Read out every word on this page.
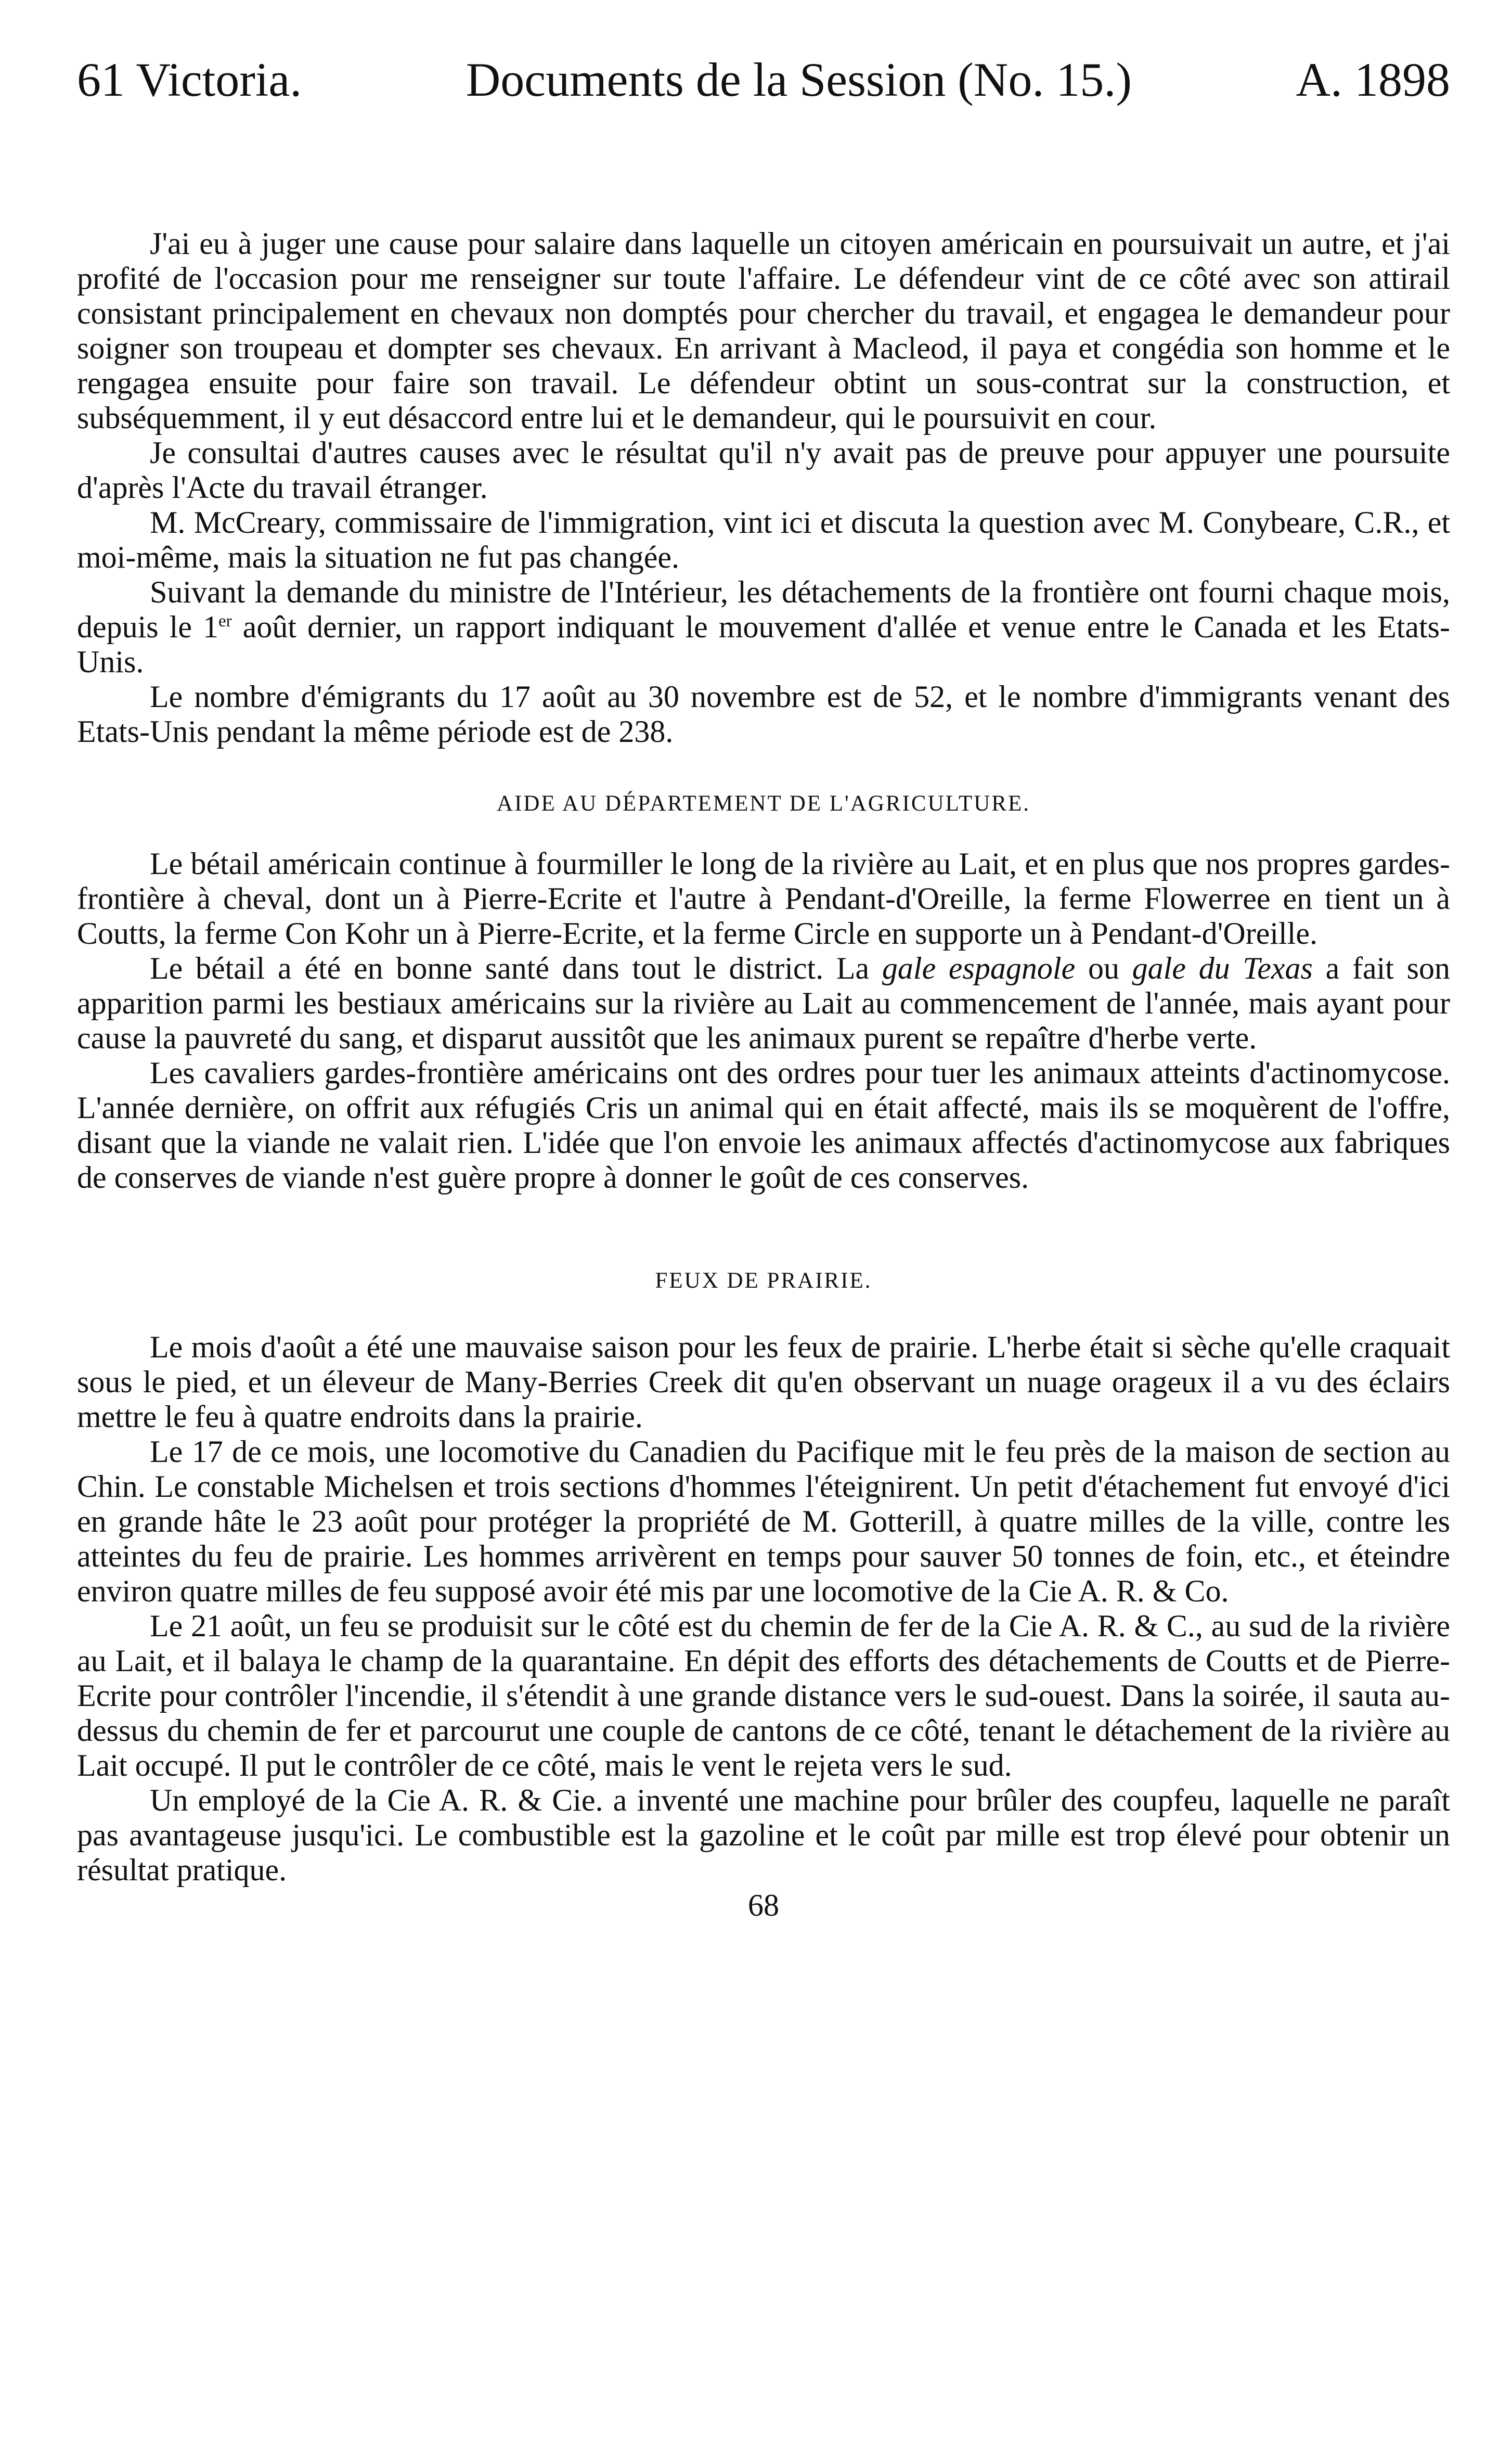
61 Victoria.	Documents de la Session (No. 15.)	A. 1898

J'ai eu à juger une cause pour salaire dans laquelle un citoyen américain en poursuivait un autre, et j'ai profité de l'occasion pour me renseigner sur toute l'affaire. Le défendeur vint de ce côté avec son attirail consistant principalement en chevaux non domptés pour chercher du travail, et engagea le demandeur pour soigner son troupeau et dompter ses chevaux. En arrivant à Macleod, il paya et congédia son homme et le rengagea ensuite pour faire son travail. Le défendeur obtint un sous-contrat sur la construction, et subséquemment, il y eut désaccord entre lui et le demandeur, qui le poursuivit en cour.

Je consultai d'autres causes avec le résultat qu'il n'y avait pas de preuve pour appuyer une poursuite d'après l'Acte du travail étranger.

M. McCreary, commissaire de l'immigration, vint ici et discuta la question avec M. Conybeare, C.R., et moi-même, mais la situation ne fut pas changée.

Suivant la demande du ministre de l'Intérieur, les détachements de la frontière ont fourni chaque mois, depuis le 1er août dernier, un rapport indiquant le mouvement d'allée et venue entre le Canada et les Etats-Unis.

Le nombre d'émigrants du 17 août au 30 novembre est de 52, et le nombre d'immigrants venant des Etats-Unis pendant la même période est de 238.

AIDE AU DÉPARTEMENT DE L'AGRICULTURE.

Le bétail américain continue à fourmiller le long de la rivière au Lait, et en plus que nos propres gardes-frontière à cheval, dont un à Pierre-Ecrite et l'autre à Pendant-d'Oreille, la ferme Flowerree en tient un à Coutts, la ferme Con Kohr un à Pierre-Ecrite, et la ferme Circle en supporte un à Pendant-d'Oreille.

Le bétail a été en bonne santé dans tout le district. La gale espagnole ou gale du Texas a fait son apparition parmi les bestiaux américains sur la rivière au Lait au commencement de l'année, mais ayant pour cause la pauvreté du sang, et disparut aussitôt que les animaux purent se repaître d'herbe verte.

Les cavaliers gardes-frontière américains ont des ordres pour tuer les animaux atteints d'actinomycose. L'année dernière, on offrit aux réfugiés Cris un animal qui en était affecté, mais ils se moquèrent de l'offre, disant que la viande ne valait rien. L'idée que l'on envoie les animaux affectés d'actinomycose aux fabriques de conserves de viande n'est guère propre à donner le goût de ces conserves.

FEUX DE PRAIRIE.

Le mois d'août a été une mauvaise saison pour les feux de prairie. L'herbe était si sèche qu'elle craquait sous le pied, et un éleveur de Many-Berries Creek dit qu'en observant un nuage orageux il a vu des éclairs mettre le feu à quatre endroits dans la prairie.

Le 17 de ce mois, une locomotive du Canadien du Pacifique mit le feu près de la maison de section au Chin. Le constable Michelsen et trois sections d'hommes l'éteignirent. Un petit d'étachement fut envoyé d'ici en grande hâte le 23 août pour protéger la propriété de M. Gotterill, à quatre milles de la ville, contre les atteintes du feu de prairie. Les hommes arrivèrent en temps pour sauver 50 tonnes de foin, etc., et éteindre environ quatre milles de feu supposé avoir été mis par une locomotive de la Cie A. R. & Co.

Le 21 août, un feu se produisit sur le côté est du chemin de fer de la Cie A. R. & C., au sud de la rivière au Lait, et il balaya le champ de la quarantaine. En dépit des efforts des détachements de Coutts et de Pierre-Ecrite pour contrôler l'incendie, il s'étendit à une grande distance vers le sud-ouest. Dans la soirée, il sauta au-dessus du chemin de fer et parcourut une couple de cantons de ce côté, tenant le détachement de la rivière au Lait occupé. Il put le contrôler de ce côté, mais le vent le rejeta vers le sud.

Un employé de la Cie A. R. & Cie. a inventé une machine pour brûler des coupfeu, laquelle ne paraît pas avantageuse jusqu'ici. Le combustible est la gazoline et le coût par mille est trop élevé pour obtenir un résultat pratique.

68
